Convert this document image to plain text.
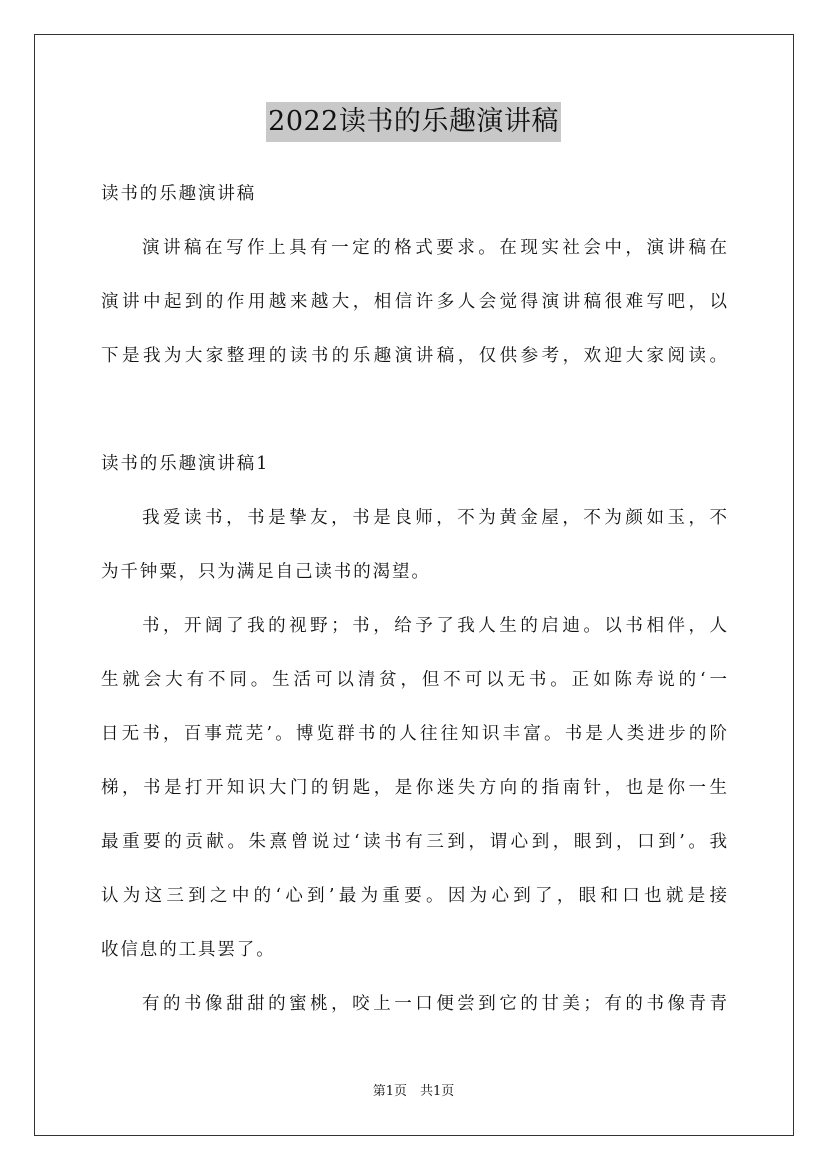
2022读书的乐趣演讲稿
读书的乐趣演讲稿
演讲稿在写作上具有一定的格式要求。在现实社会中，演讲稿在
演讲中起到的作用越来越大，相信许多人会觉得演讲稿很难写吧，以
下是我为大家整理的读书的乐趣演讲稿，仅供参考，欢迎大家阅读。
读书的乐趣演讲稿1
我爱读书，书是挚友，书是良师，不为黄金屋，不为颜如玉，不
为千钟粟，只为满足自己读书的渴望。
书，开阔了我的视野；书，给予了我人生的启迪。以书相伴，人
生就会大有不同。生活可以清贫，但不可以无书。正如陈寿说的‘一
日无书，百事荒芜’。博览群书的人往往知识丰富。书是人类进步的阶
梯，书是打开知识大门的钥匙，是你迷失方向的指南针，也是你一生
最重要的贡献。朱熹曾说过‘读书有三到，谓心到，眼到，口到’。我
认为这三到之中的‘心到’最为重要。因为心到了，眼和口也就是接
收信息的工具罢了。
有的书像甜甜的蜜桃，咬上一口便尝到它的甘美；有的书像青青
第1页　共1页
